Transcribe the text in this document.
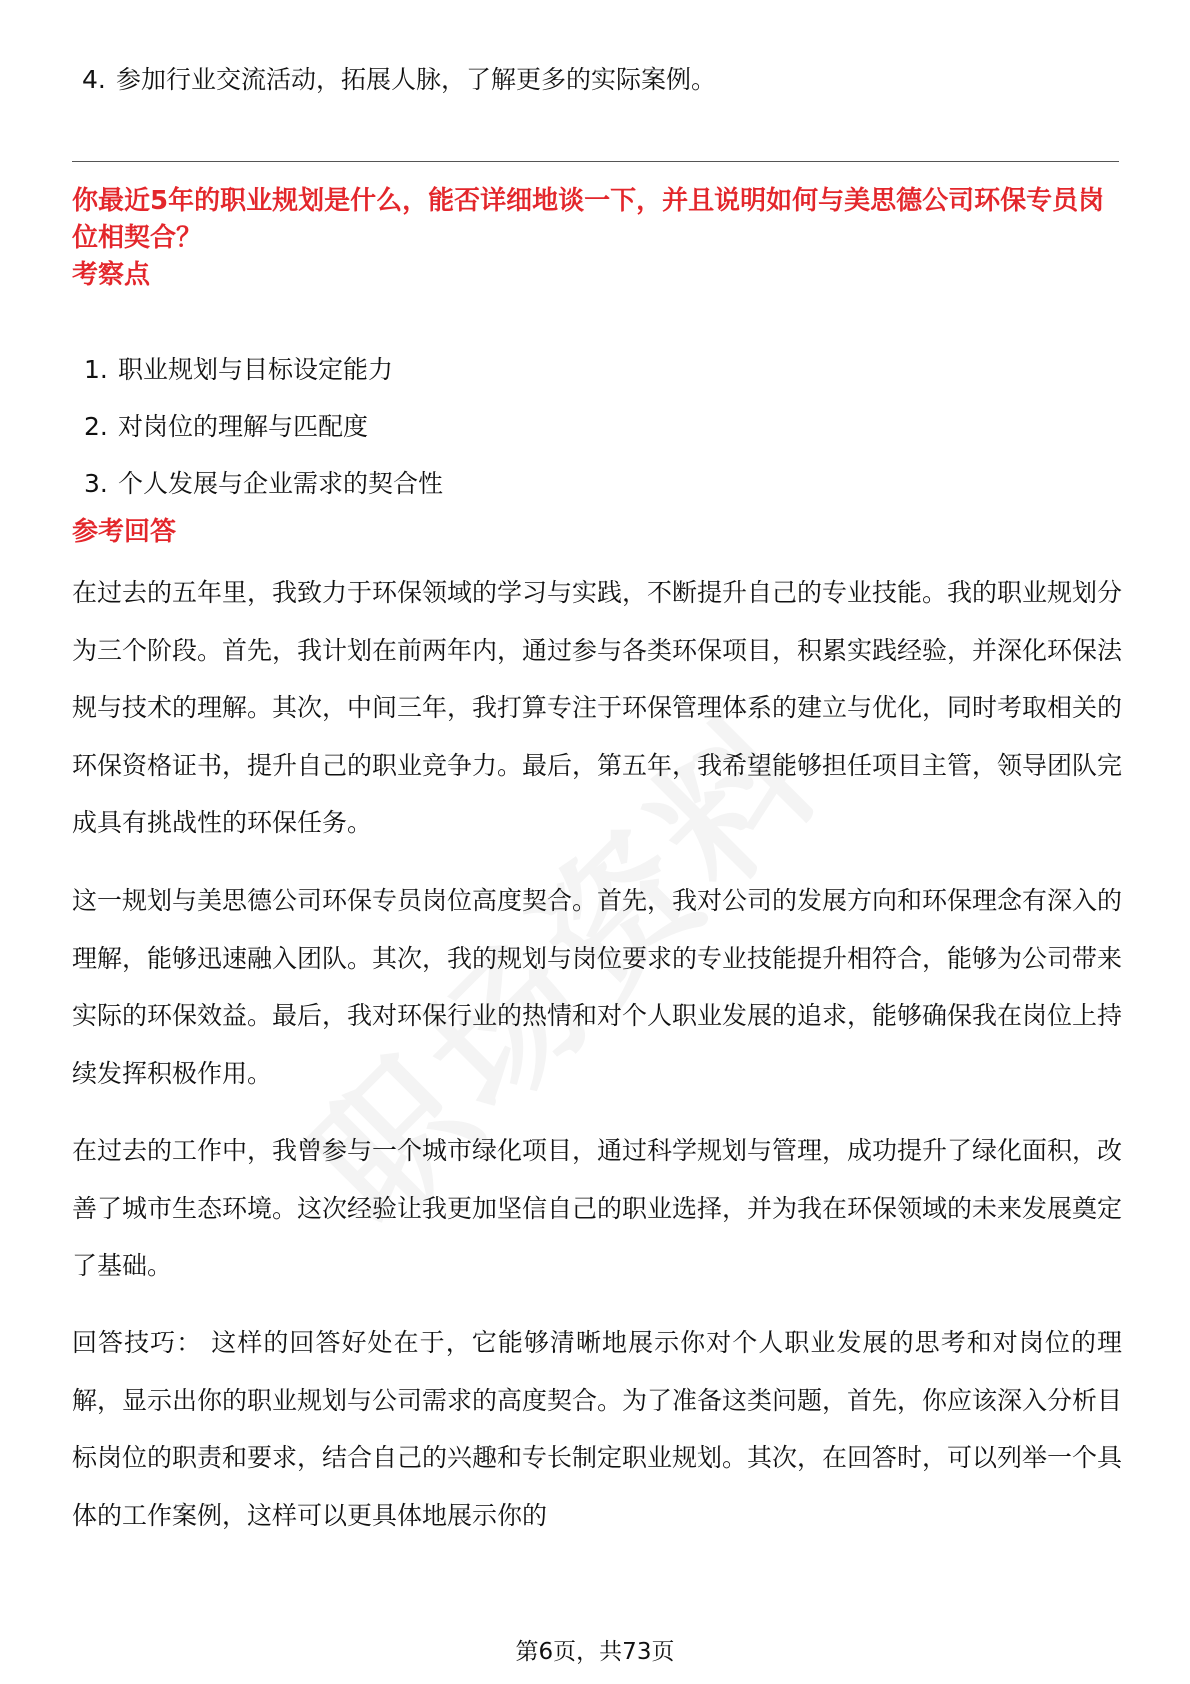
4. 参加行业交流活动，拓展人脉，了解更多的实际案例。

你最近5年的职业规划是什么，能否详细地谈一下，并且说明如何与美思德公司环保专员岗位相契合？

考察点

1. 职业规划与目标设定能力
2. 对岗位的理解与匹配度
3. 个人发展与企业需求的契合性

参考回答

在过去的五年里，我致力于环保领域的学习与实践，不断提升自己的专业技能。我的职业规划分为三个阶段。首先，我计划在前两年内，通过参与各类环保项目，积累实践经验，并深化环保法规与技术的理解。其次，中间三年，我打算专注于环保管理体系的建立与优化，同时考取相关的环保资格证书，提升自己的职业竞争力。最后，第五年，我希望能够担任项目主管，领导团队完成具有挑战性的环保任务。

这一规划与美思德公司环保专员岗位高度契合。首先，我对公司的发展方向和环保理念有深入的理解，能够迅速融入团队。其次，我的规划与岗位要求的专业技能提升相符合，能够为公司带来实际的环保效益。最后，我对环保行业的热情和对个人职业发展的追求，能够确保我在岗位上持续发挥积极作用。

在过去的工作中，我曾参与一个城市绿化项目，通过科学规划与管理，成功提升了绿化面积，改善了城市生态环境。这次经验让我更加坚信自己的职业选择，并为我在环保领域的未来发展奠定了基础。

回答技巧： 这样的回答好处在于，它能够清晰地展示你对个人职业发展的思考和对岗位的理解，显示出你的职业规划与公司需求的高度契合。为了准备这类问题，首先，你应该深入分析目标岗位的职责和要求，结合自己的兴趣和专长制定职业规划。其次，在回答时，可以列举一个具体的工作案例，这样可以更具体地展示你的

第6页，共73页
